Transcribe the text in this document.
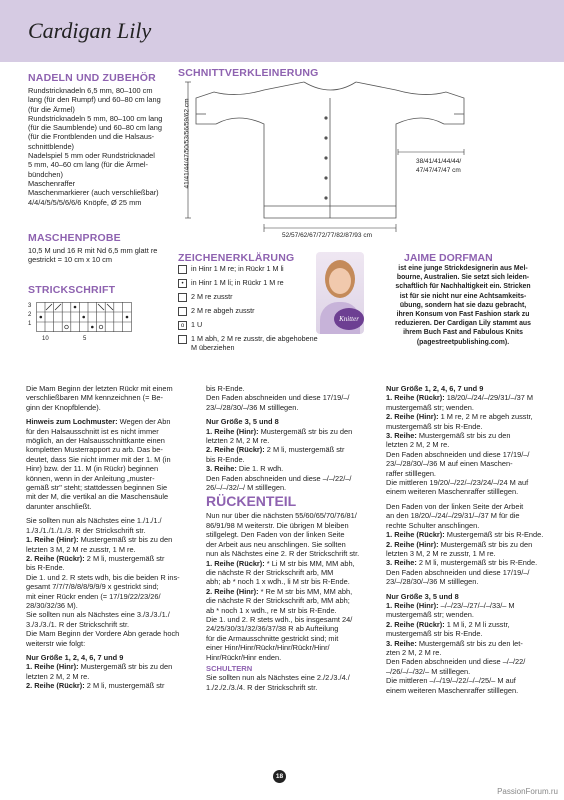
Cardigan Lily
NADELN UND ZUBEHÖR
Rundstricknadeln 6,5 mm, 80–100 cm
lang (für den Rumpf) und 60–80 cm lang
(für die Ärmel)
Rundstricknadeln 5 mm, 80–100 cm lang
(für die Saumblende) und 60–80 cm lang
(für die Frontblenden und die Halsaus-
schnittblende)
Nadelspiel 5 mm oder Rundstricknadel
5 mm, 40–60 cm lang (für die Ärmel-
bündchen)
Maschenraffer
Maschenmarkierer (auch verschließbar)
4/4/4/5/5/5/6/6/6 Knöpfe, Ø 25 mm
MASCHENPROBE
10,5 M und 16 R mit Nd 6,5 mm glatt re
gestrickt = 10 cm x 10 cm
STRICKSCHRIFT
3
2
1
10	5
SCHNITTVERKLEINERUNG
41/41/44/47/50/53/56/59/62 cm	38/41/41/44/44/
47/47/47/47 cm
52/57/62/67/72/77/82/87/93 cm
ZEICHENERKLÄRUNG
in Hinr 1 M re; in Rückr 1 M li
•	in Hinr 1 M li; in Rückr 1 M re
2 M re zusstr
2 M re abgeh zusstr
o 1 U
1 M abh, 2 M re zusstr, die abgehobene M überziehen
Knitter
JAIME DORFMAN
ist eine junge Strickdesignerin aus Mel-
bourne, Australien. Sie setzt sich leiden-
schaftlich für Nachhaltigkeit ein. Stricken
ist für sie nicht nur eine Achtsamkeits-
übung, sondern hat sie dazu gebracht,
ihren Konsum von Fast Fashion stark zu
reduzieren. Der Cardigan Lily stammt aus
ihrem Buch Fast and Fabulous Knits
(pagestreetpublishing.com).
Die Mam Beginn der letzten Rückr mit einem
verschließbaren MM kennzeichnen (= Be-
ginn der Knopfblende).
Hinweis zum Lochmuster: Wegen der Abn
für den Halsausschnitt ist es nicht immer
möglich, an der Halsausschnittkante einen
kompletten Musterrapport zu arb. Das be-
deutet, dass Sie nicht immer mit der 1. M (in
Hinr) bzw. der 11. M (in Rückr) beginnen
können, wenn in der Anleitung „muster-
gemäß str" steht; stattdessen beginnen Sie
mit der M, die vertikal an die Maschensäule
darunter anschließt.
Sie sollten nun als Nächstes eine 1./1./1./
1./3./1./1./1./3. R der Strickschrift str.
1. Reihe (Hinr): Mustergemäß str bis zu den
letzten 3 M, 2 M re zusstr, 1 M re.
2. Reihe (Rückr): 2 M li, mustergemäß str
bis R-Ende.
Die 1. und 2. R stets wdh, bis die beiden R ins-
gesamt 7/7/7/8/8/8/9/9/9 x gestrickt sind;
mit einer Rückr enden (= 17/19/22/23/26/
28/30/32/36 M).
Sie sollten nun als Nächstes eine 3./3./3./1./
3./3./3./1. R der Strickschrift str.
Die Mam Beginn der Vordere Abn gerade hoch
weiterstr wie folgt:
Nur Größe 1, 2, 4, 6, 7 und 9
1. Reihe (Hinr): Mustergemäß str bis zu den
letzten 2 M, 2 M re.
2. Reihe (Rückr): 2 M li, mustergemäß str
bis R-Ende.
Den Faden abschneiden und diese 17/19/–/
23/–/28/30/–/36 M stilllegen.
Nur Größe 3, 5 und 8
1. Reihe (Hinr): Mustergemäß str bis zu den
letzten 2 M, 2 M re.
2. Reihe (Rückr): 2 M li, mustergemäß str
bis R-Ende.
3. Reihe: Die 1. R wdh.
Den Faden abschneiden und diese –/–/22/–/
26/–/–/32/–/ M stilllegen.
RÜCKENTEIL
Nun nur über die nächsten 55/60/65/70/76/81/
86/91/98 M weiterstr. Die übrigen M bleiben
stillgelegt. Den Faden von der linken Seite
der Arbeit aus neu anschlingen. Sie sollten
nun als Nächstes eine 2. R der Strickschrift str.
1. Reihe (Rückr): * Li M str bis MM, MM abh,
die nächste R der Strickschrift arb, MM
abh; ab * noch 1 x wdh., li M str bis R-Ende.
2. Reihe (Hinr): * Re M str bis MM, MM abh,
die nächste R der Strickschrift arb, MM abh;
ab * noch 1 x wdh., re M str bis R-Ende.
Die 1. und 2. R stets wdh., bis insgesamt 24/
24/25/30/31/32/36/37/38 R ab Aufteilung
für die Armausschnitte gestrickt sind; mit
einer Hinr/Hinr/Rückr/Hinr/Rückr/Hinr/
Hinr/Rückr/Hinr enden.
SCHULTERN
Sie sollten nun als Nächstes eine 2./2./3./4./
1./2./2./3./4. R der Strickschrift str.
Nur Größe 1, 2, 4, 6, 7 und 9
1. Reihe (Rückr): 18/20/–/24/–/29/31/–/37 M
mustergemäß str; wenden.
2. Reihe (Hinr): 1 M re, 2 M re abgeh zusstr,
mustergemäß str bis R-Ende.
3. Reihe: Mustergemäß str bis zu den
letzten 2 M, 2 M re.
Den Faden abschneiden und diese 17/19/–/
23/–/28/30/–/36 M auf einen Maschen-
raffer stilllegen.
Die mittleren 19/20/–/22/–/23/24/–/24 M auf
einem weiteren Maschenraffer stilllegen.
Den Faden von der linken Seite der Arbeit
an den 18/20/–/24/–/29/31/–/37 M für die
rechte Schulter anschlingen.
1. Reihe (Rückr): Mustergemäß str bis R-Ende.
2. Reihe (Hinr): Mustergemäß str bis zu den
letzten 3 M, 2 M re zusstr, 1 M re.
3. Reihe: 2 M li, mustergemäß str bis R-Ende.
Den Faden abschneiden und diese 17/19/–/
23/–/28/30/–/36 M stilllegen.
Nur Größe 3, 5 und 8
1. Reihe (Hinr): –/–/23/–/27/–/–/33/– M
mustergemäß str; wenden.
2. Reihe (Rückr): 1 M li, 2 M li zusstr,
mustergemäß str bis R-Ende.
3. Reihe: Mustergemäß str bis zu den let-
zten 2 M, 2 M re.
Den Faden abschneiden und diese –/–/22/
–/26/–/–/32/– M stilllegen.
Die mittleren –/–/19/–/22/–/–/25/– M auf
einem weiteren Maschenraffer stilllegen.
18
PassionForum.ru
